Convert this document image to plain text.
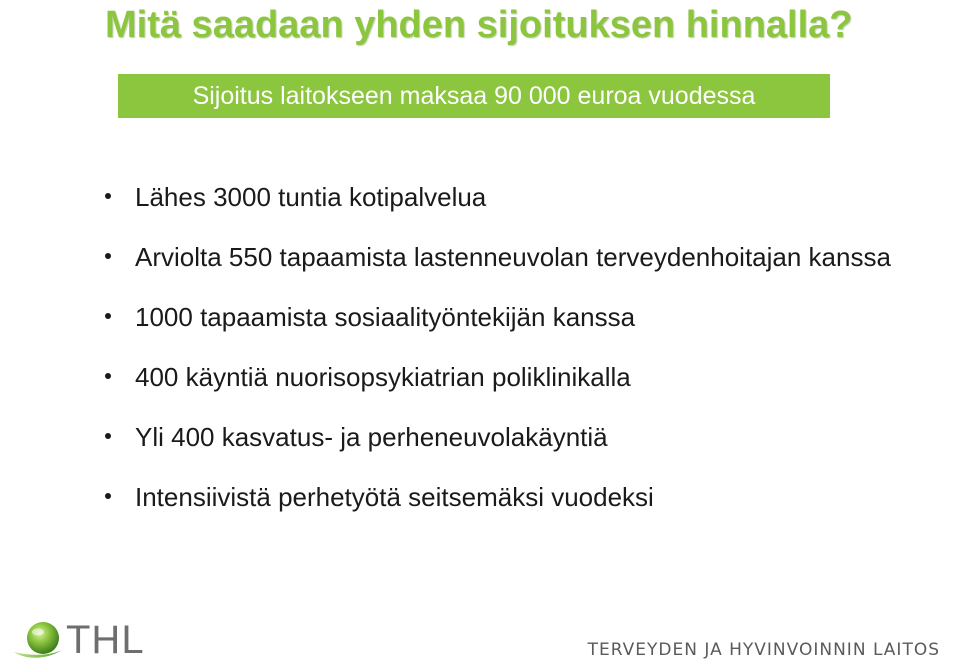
Mitä saadaan yhden sijoituksen hinnalla?
Sijoitus laitokseen maksaa 90 000 euroa vuodessa
Lähes 3000 tuntia kotipalvelua
Arviolta 550 tapaamista lastenneuvolan terveydenhoitajan kanssa
1000 tapaamista sosiaalityöntekijän kanssa
400 käyntiä nuorisopsykiatrian poliklinikalla
Yli 400 kasvatus- ja perheneuvolakäyntiä
Intensiivistä perhetyötä seitsemäksi vuodeksi
THL	TERVEYDEN JA HYVINVOINNIN LAITOS
